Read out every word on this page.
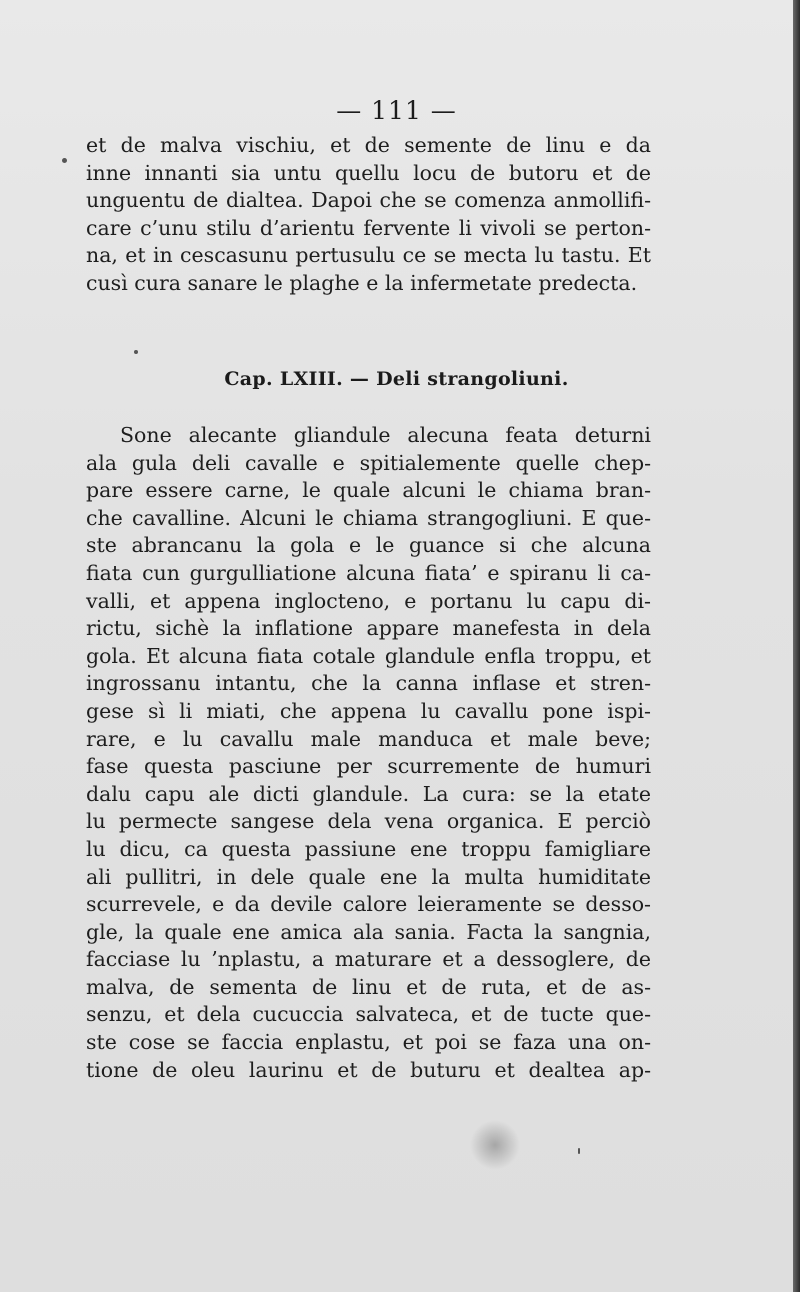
— 111 —
et de malva vischiu, et de semente de linu e da
inne innanti sia untu quellu locu de butoru et de
unguentu de dialtea. Dapoi che se comenza anmollifi-
care c’unu stilu d’arientu fervente li vivoli se perton-
na, et in cescasunu pertusulu ce se mecta lu tastu. Et
cusì cura sanare le plaghe e la infermetate predecta.
Cap. LXIII. — Deli strangoliuni.
Sone alecante gliandule alecuna feata deturni
ala gula deli cavalle e spitialemente quelle chep-
pare essere carne, le quale alcuni le chiama bran-
che cavalline. Alcuni le chiama strangogliuni. E que-
ste abrancanu la gola e le guance si che alcuna
fiata cun gurgulliatione alcuna fiata’ e spiranu li ca-
valli, et appena inglocteno, e portanu lu capu di-
rictu, sichè la inflatione appare manefesta in dela
gola. Et alcuna fiata cotale glandule enfla troppu, et
ingrossanu intantu, che la canna inflase et stren-
gese sì li miati, che appena lu cavallu pone ispi-
rare, e lu cavallu male manduca et male beve;
fase questa pasciune per scurremente de humuri
dalu capu ale dicti glandule. La cura: se la etate
lu permecte sangese dela vena organica. E perciò
lu dicu, ca questa passiune ene troppu famigliare
ali pullitri, in dele quale ene la multa humiditate
scurrevele, e da devile calore leieramente se desso-
gle, la quale ene amica ala sania. Facta la sangnia,
facciase lu ’nplastu, a maturare et a dessoglere, de
malva, de sementa de linu et de ruta, et de as-
senzu, et dela cucuccia salvateca, et de tucte que-
ste cose se faccia enplastu, et poi se faza una on-
tione de oleu laurinu et de buturu et dealtea ap-
